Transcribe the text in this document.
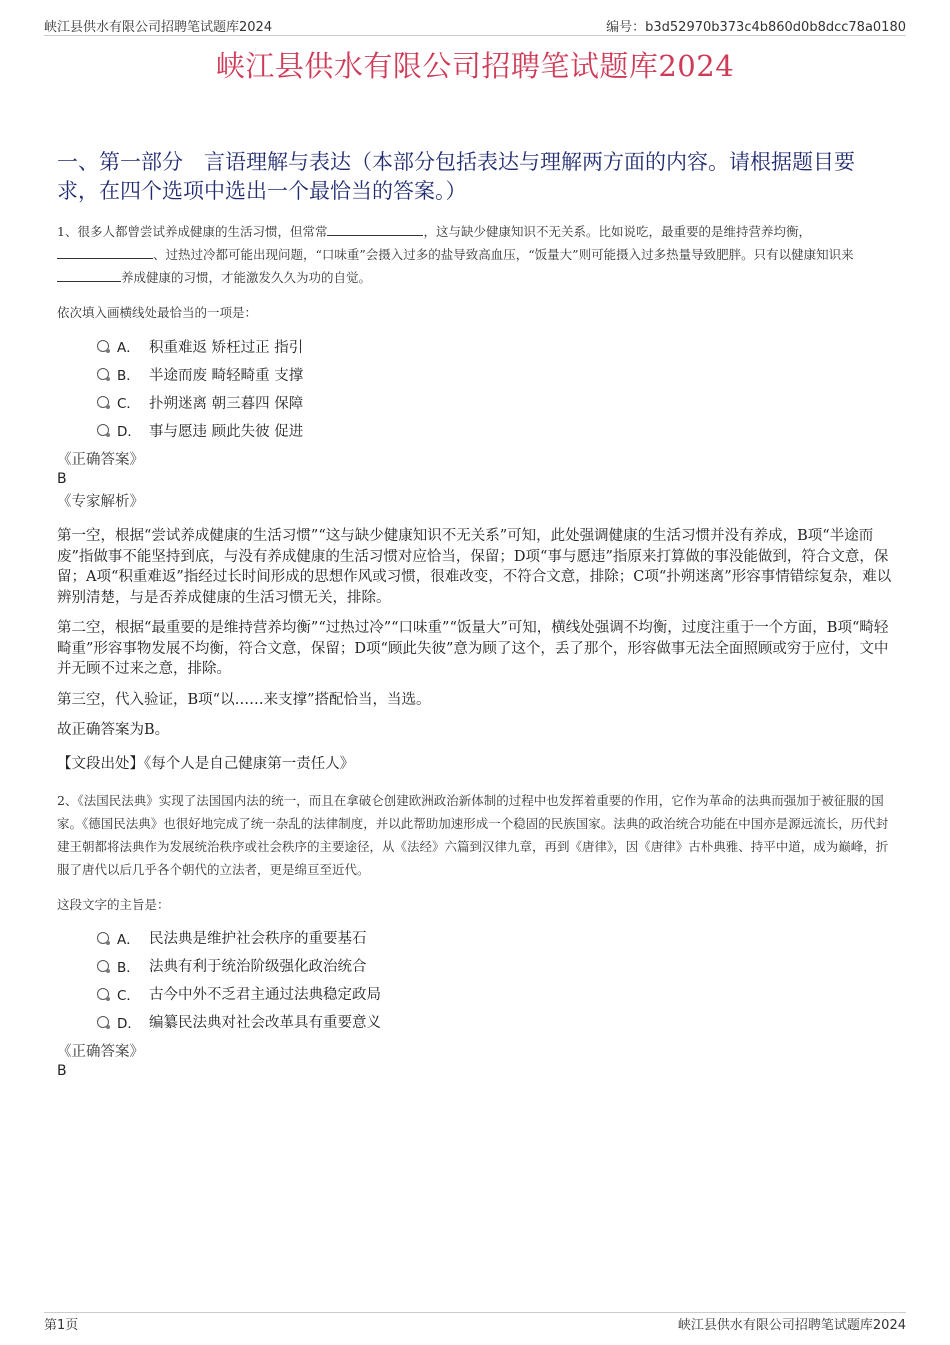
峡江县供水有限公司招聘笔试题库2024	编号：b3d52970b373c4b860d0b8dcc78a0180
峡江县供水有限公司招聘笔试题库2024
一、第一部分　言语理解与表达（本部分包括表达与理解两方面的内容。请根据题目要求，在四个选项中选出一个最恰当的答案。）

1、很多人都曾尝试养成健康的生活习惯，但常常	，这与缺少健康知识不无关系。比如说吃，最重要的是维持营养均衡，、过热过冷都可能出现问题，“口味重”会摄入过多的盐导致高血压，“饭量大”则可能摄入过多热量导致肥胖。只有以健康知识来养成健康的习惯，才能激发久久为功的自觉。

依次填入画横线处最恰当的一项是：

A． 积重难返 矫枉过正 指引
B． 半途而废 畸轻畸重 支撑
C． 扑朔迷离 朝三暮四 保障
D． 事与愿违 顾此失彼 促进
《正确答案》
B
《专家解析》

第一空，根据“尝试养成健康的生活习惯”“这与缺少健康知识不无关系”可知，此处强调健康的生活习惯并没有养成，B项“半途而废”指做事不能坚持到底，与没有养成健康的生活习惯对应恰当，保留；D项“事与愿违”指原来打算做的事没能做到，符合文意，保留；A项“积重难返”指经过长时间形成的思想作风或习惯，很难改变，不符合文意，排除；C项“扑朔迷离”形容事情错综复杂，难以辨别清楚，与是否养成健康的生活习惯无关，排除。

第二空，根据“最重要的是维持营养均衡”“过热过冷”“口味重”“饭量大”可知，横线处强调不均衡，过度注重于一个方面，B项“畸轻畸重”形容事物发展不均衡，符合文意，保留；D项“顾此失彼”意为顾了这个，丢了那个，形容做事无法全面照顾或穷于应付，文中并无顾不过来之意，排除。

第三空，代入验证，B项“以……来支撑”搭配恰当，当选。

故正确答案为B。

【文段出处】《每个人是自己健康第一责任人》

2、《法国民法典》实现了法国国内法的统一，而且在拿破仑创建欧洲政治新体制的过程中也发挥着重要的作用，它作为革命的法典而强加于被征服的国家。《德国民法典》也很好地完成了统一杂乱的法律制度，并以此帮助加速形成一个稳固的民族国家。法典的政治统合功能在中国亦是源远流长，历代封建王朝都将法典作为发展统治秩序或社会秩序的主要途径，从《法经》六篇到汉律九章，再到《唐律》，因《唐律》古朴典雅、持平中道，成为巅峰，折服了唐代以后几乎各个朝代的立法者，更是绵亘至近代。

这段文字的主旨是：

A． 民法典是维护社会秩序的重要基石
B． 法典有利于统治阶级强化政治统合
C． 古今中外不乏君主通过法典稳定政局
D． 编纂民法典对社会改革具有重要意义
《正确答案》
B
第1页	峡江县供水有限公司招聘笔试题库2024
